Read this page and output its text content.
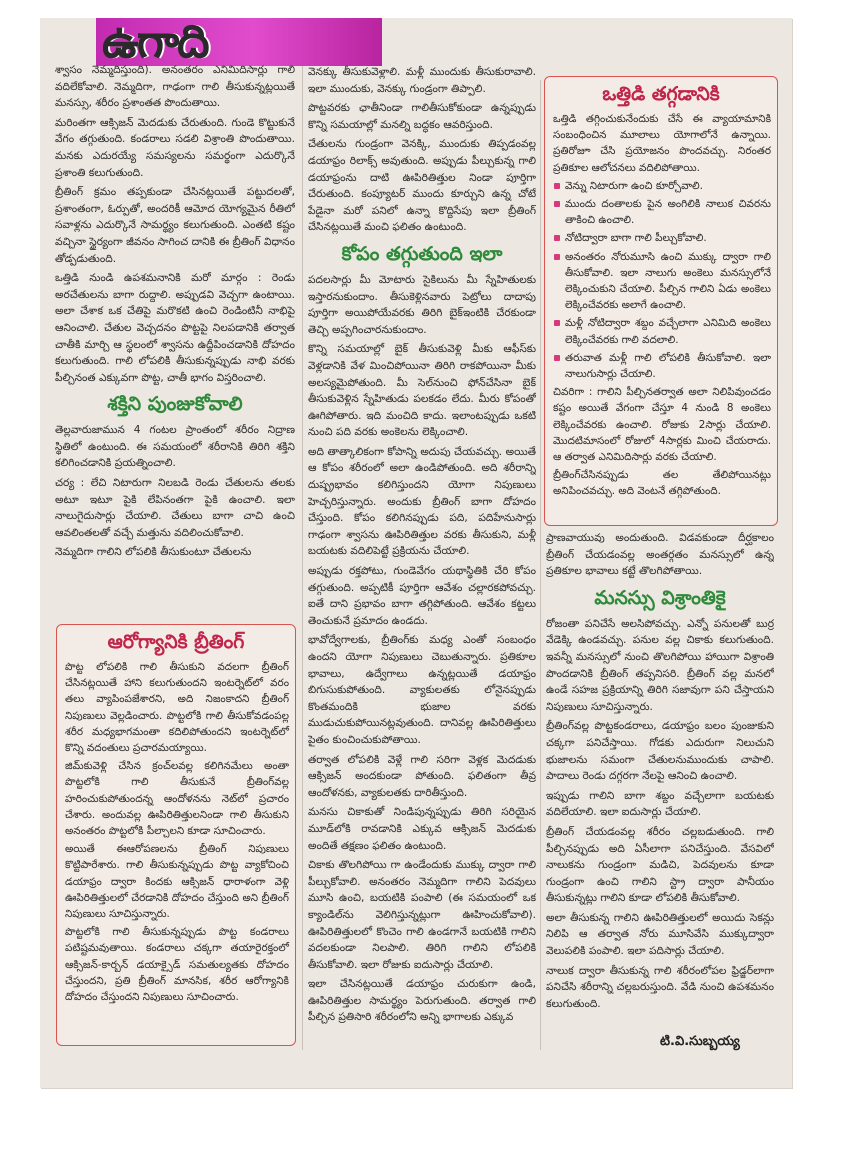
ఉగాది

శ్వాసం నెమ్మదిస్తుంది). అనంతరం ఎనిమిదిసార్లు గాలి వదిలేకోవాలి. నెమ్మదిగా, గాఢంగా గాలి తీసుకున్నట్లయితే మనస్సు, శరీరం ప్రశాంతత పొందుతాయి.

మరింతగా ఆక్సిజన్ మెదడుకు చేరుతుంది. గుండె కొట్టుకునే వేగం తగ్గుతుంది. కండరాలు సడలి విశ్రాంతి పొందుతాయి. మనకు ఎదురయ్యే సమస్యలను సమర్థంగా ఎదుర్కొనే ప్రశాంతి కలుగుతుంది.

బ్రీతింగ్ క్రమం తప్పకుండా చేసినట్లయితే పట్టుదలతో, ప్రశాంతంగా, ఓర్పుతో, అందరికీ ఆమోద యోగ్యమైన రీతిలో సవాళ్లను ఎదుర్కొనే సామర్థ్యం కలుగుతుంది. ఎంతటి కష్టం వచ్చినా స్థైర్యంగా జీవనం సాగించ దానికి ఈ బ్రీతింగ్ విధానం తోడ్పడుతుంది.

ఒత్తిడి నుండి ఉపశమనానికి మరో మార్గం : రెండు అరచేతులను బాగా రుద్దాలి. అప్పుడవి వెచ్చగా ఉంటాయి. అలా చేశాక ఒక చేతిపై మరొకటి ఉంచి రెండింటినీ నాభిపై ఆనించాలి. చేతుల వెచ్చదనం పొట్టపై నిలపడానికి తర్వాత చాతీకి మార్చి ఆ స్థలంలో శ్వాసను ఉద్దీపించడానికి దోహదం కలుగుతుంది. గాలి లోపలికి తీసుకున్నప్పుడు నాభి వరకు పీల్చినంత ఎక్కువగా పొట్ట, చాతీ భాగం విస్తరించాలి.

శక్తిని పుంజుకోవాలి

తెల్లవారుజామున 4 గంటల ప్రాంతంలో శరీరం నిద్రాణ స్థితిలో ఉంటుంది. ఈ సమయంలో శరీరానికి తిరిగి శక్తిని కలిగించడానికి ప్రయత్నించాలి.

చర్య : లేచి నిటారుగా నిలబడి రెండు చేతులను తలకు అటూ ఇటూ పైకి లేపినంతగా పైకి ఉంచాలి. ఇలా నాలుగైదుసార్లు చేయాలి. చేతులు బాగా చాచి ఉంచి ఆవలింతలతో వచ్చే మత్తును వదిలించుకోవాలి.

నెమ్మదిగా గాలిని లోపలికి తీసుకుంటూ చేతులను

ఆరోగ్యానికి బ్రీతింగ్

పొట్ట లోపలికి గాలి తీసుకుని వదలగా బ్రీతింగ్ చేసినట్లయితే హాని కలుగుతుందని ఇంటర్నెట్‌లో వరం తలు వ్యాపింపజేశారని, అది నిజంకాదని బ్రీతింగ్ నిపుణులు వెల్లడించారు. పొట్టలోకి గాలి తీసుకోవడంపల్ల శరీర మధ్యభాగమంతా కదిలిపోతుందని ఇంటర్నెట్‌లో కొన్ని వదంతులు ప్రచారమయ్యాయి.

జిమ్‌కువెళ్లి చేసిన క్రంచ్‌లవల్ల కలిగినమేలు అంతా పొట్టలోకి గాలి తీసుకునే బ్రీతింగ్‌వల్ల హరించుకుపోతుందన్న ఆందోళనను నెట్‌లో ప్రచారం చేశారు. అందువల్ల ఊపిరితిత్తులనిండా గాలి తీసుకుని అనంతరం పొట్టలోకి పీల్చాలని కూడా సూచించారు.

అయితే ఈఆరోపణలను బ్రీతింగ్ నిపుణులు కొట్టిపారేశారు. గాలి తీసుకున్నప్పుడు పొట్ట వ్యాకోచించి డయాఫ్రం ద్వారా కిందకు ఆక్సిజన్ ధారాళంగా వెళ్లి ఊపిరితిత్తులలో చేరడానికి దోహదం చేస్తుంది అని బ్రీతింగ్ నిపుణులు సూచిస్తున్నారు.

పొట్టలోకి గాలి తీసుకున్నప్పుడు పొట్ట కండరాలు పటిష్టమవుతాయి. కండరాలు చక్కగా తయారైరక్తంలో ఆక్సిజన్-కార్బన్ డయాక్సైడ్ సమతుల్యతకు దోహదం చేస్తుందని, ప్రతి బ్రీతింగ్ మానసిక, శరీర ఆరోగ్యానికి దోహదం చేస్తుందని నిపుణులు సూచించారు.

వెనక్కు తీసుకువెళ్లాలి. మళ్లీ ముందుకు తీసుకురావాలి. ఇలా ముందుకు, వెనక్కు గుండ్రంగా తిప్పాలి.

పొట్టవరకు ఛాతీనిండా గాలితీసుకోకుండా ఉన్నప్పుడు కొన్ని సమయాల్లో మనల్ని బద్ధకం ఆవరిస్తుంది.

చేతులను గుండ్రంగా వెనక్కి, ముందుకు తిప్పడంవల్ల డయాఫ్రం రిలాక్స్ అవుతుంది. అప్పుడు పీల్చుకున్న గాలి డయాఫ్రంను దాటి ఊపిరితిత్తుల నిండా పూర్తిగా చేరుతుంది. కంప్యూటర్ ముందు కూర్చుని ఉన్న చోటే పేడైనా మరో పనిలో ఉన్నా కొద్దిసేపు ఇలా బ్రీతింగ్ చేసినట్లయితే మంచి ఫలితం ఉంటుంది.

కోపం తగ్గుతుంది ఇలా

పదలసార్లు మీ మోటారు సైకిలును మీ స్నేహితులకు ఇస్తారనుకుందాం. తీసుకెళ్లినవారు పెట్రోలు దాదాపు పూర్తిగా అయిపోయేవరకు తిరిగి బైక్‌ఇంటికి చేరకుండా తెచ్చి అప్పగించారనుకుందాం.

కొన్ని సమయాల్లో బైక్ తీసుకువెళ్లి మీకు ఆఫీస్‌కు వెళ్లడానికి వేళ మించిపోయినా తిరిగి రాకపోయినా మీకు అలస్యమైపోతుంది. మీ సెల్‌నుంచి ఫోన్‌చేసినా బైక్ తీసుకువెళ్లిన స్నేహితుడు పలకడం లేదు. మీరు కోపంతో ఊగిపోతారు. ఇది మంచిది కాదు. ఇలాంటప్పుడు ఒకటి నుంచి పది వరకు అంకెలను లెక్కించాలి.

అది తాత్కాలికంగా కోపాన్ని అదుపు చేయవచ్చు. అయితే ఆ కోపం శరీరంలో అలా ఉండిపోతుంది. అది శరీరాన్ని దుష్ప్రభావం కలిగిస్తుందని యోగా నిపుణులు హెచ్చరిస్తున్నారు. అందుకు బ్రీతింగ్ బాగా దోహదం చేస్తుంది. కోపం కలిగినప్పుడు పది, పదిహేనుసార్లు గాఢంగా శ్వాసను ఊపిరితిత్తుల వరకు తీసుకుని, మళ్లీ బయటకు వదిలిపెట్టే ప్రక్రియను చేయాలి.

అప్పుడు రక్తపోటు, గుండెవేగం యథాస్థితికి చేరి కోపం తగ్గుతుంది. అప్పటికీ పూర్తిగా ఆవేశం చల్లారకపోవచ్చు. ఐతే దాని ప్రభావం బాగా తగ్గిపోతుంది. ఆవేశం కట్టలు తెంచుకునే ప్రమాదం ఉండదు.

భావోద్వేగాలకు, బ్రీతింగ్‌కు మధ్య ఎంతో సంబంధం ఉందని యోగా నిపుణులు చెబుతున్నారు. ప్రతికూల భావాలు, ఉద్వేగాలు ఉన్నట్లయితే డయాఫ్రం బిగుసుకుపోతుంది. వ్యాకులతకు లోనైనప్పుడు కొంతమందికి భుజాల వరకు ముడుచుకుపోయినట్లవుతుంది. దానివల్ల ఊపిరితిత్తులు పైతం కుంచించుకుపోతాయి.

తర్వాత లోపలికి వెళ్లే గాలి సరిగా వెళ్లక మెదడుకు ఆక్సిజన్ అందకుండా పోతుంది. ఫలితంగా తీవ్ర ఆందోళనకు, వ్యాకులతకు దారితీస్తుంది.

మనసు చికాకుతో నిండిపున్నప్పుడు తిరిగి సరియైన మూడ్‌లోకి రావడానికి ఎక్కువ ఆక్సిజన్ మెదడుకు అందితే తక్షణం ఫలితం ఉంటుంది.

చికాకు తొలగిపోయి గా ఉండేందుకు ముక్కు ద్వారా గాలి పీల్చుకోవాలి. అనంతరం నెమ్మదిగా గాలిని పెదవులు మూసి ఉంచి, బయటికి పంపాలి (ఈ సమయంలో ఒక క్యాండిల్‌ను వెలిగిస్తున్నట్లుగా ఊహించుకోవాలి). ఊపిరితిత్తులలో కొంచెం గాలి ఉండగానే బయటికి గాలిని వదలకుండా నిలపాలి. తిరిగి గాలిని లోపలికి తీసుకోవాలి. ఇలా రోజుకు ఐదుసార్లు చేయాలి.

ఇలా చేసినట్లయితే డయాఫ్రం చురుకుగా ఉండి, ఊపిరితిత్తుల సామర్థ్యం పెరుగుతుంది. తర్వాత గాలి పీల్చిన ప్రతిసారి శరీరంలోని అన్ని భాగాలకు ఎక్కువ

ఒత్తిడి తగ్గడానికి

ఒత్తిడి తగ్గించుకునేందుకు చేసే ఈ వ్యాయామానికి సంబంధించిన మూలాలు యోగాలోనే ఉన్నాయి. ప్రతిరోజూ చేసి ప్రయోజనం పొందవచ్చు. నిరంతర ప్రతికూల ఆలోచనలు వదిలిపోతాయి.

వెన్ను నిటారుగా ఉంచి కూర్చోవాలి.
ముందు దంతాలకు పైన అంగిలికి నాలుక చివరను తాకించి ఉంచాలి.
నోటిద్వారా బాగా గాలి పీల్చుకోవాలి.
అనంతరం నోరుమూసి ఉంచి ముక్కు ద్వారా గాలి తీసుకోవాలి. ఇలా నాలుగు అంకెలు మనస్సులోనే లెక్కించుకుని చేయాలి. పీల్చిన గాలిని ఏడు అంకెలు లెక్కించేవరకు అలాగే ఉంచాలి.
మళ్లీ నోటిద్వారా శబ్దం వచ్చేలాగా ఎనిమిది అంకెలు లెక్కించేవరకు గాలి వదలాలి.
తరువాత మళ్లీ గాలి లోపలికి తీసుకోవాలి. ఇలా నాలుగుసార్లు చేయాలి.

చివరిగా : గాలిని పీల్చినతర్వాత అలా నిలిపివుంచడం కష్టం అయితే వేగంగా చేస్తూ 4 నుండి 8 అంకెలు లెక్కించేవరకు ఉంచాలి. రోజుకు 2సార్లు చేయాలి. మొదటిమాసంలో రోజులో 4సార్లకు మించి చేయరాదు. ఆ తర్వాత ఎనిమిదిసార్లు వరకు చేయాలి.

బ్రీతింగ్‌చేసినప్పుడు తల తేలిపోయినట్లు అనిపించవచ్చు. అది వెంటనే తగ్గిపోతుంది.

ప్రాణవాయువు అందుతుంది. విడవకుండా దీర్ఘకాలం బ్రీతింగ్ చేయడంవల్ల అంతర్గతం మనస్సులో ఉన్న ప్రతికూల భావాలు కట్టే తొలగిపోతాయి.

మనస్సు విశ్రాంతికై

రోజంతా పనిచేసే అలసిపోవచ్చు. ఎన్నో పనులతో బుర్ర వేడెక్కి ఉండవచ్చు. పనుల వల్ల చికాకు కలుగుతుంది. ఇవన్నీ మనస్సులో నుంచి తొలగిపోయి హాయిగా విశ్రాంతి పొందడానికి బ్రీతింగ్ తప్పనిసరి. బ్రీతింగ్ వల్ల మనలో ఉండే సహజ ప్రక్రియాన్ని తిరిగి సజావుగా పని చేస్తాయని నిపుణులు సూచిస్తున్నారు.

బ్రీతింగ్‌వల్ల పొట్టకండరాలు, డయాఫ్రం బలం పుంజుకుని చక్కగా పనిచేస్తాయి. గోడకు ఎదురుగా నిలుచుని భుజాలను సమంగా చేతులనుముందుకు చాపాలి. పాదాలు రెండు దగ్గరగా నేలపై ఆనించి ఉంచాలి.

ఇప్పుడు గాలిని బాగా శబ్దం వచ్చేలాగా బయటకు వదిలేయాలి. ఇలా ఐదుసార్లు చేయాలి.

బ్రీతింగ్ చేయడంవల్ల శరీరం చల్లబడుతుంది. గాలి పీల్చినప్పుడు అది ఏసీలాగా పనిచేస్తుంది. వేసవిలో నాలుకను గుండ్రంగా మడిచి, పెదవులను కూడా గుండ్రంగా ఉంచి గాలిని స్ట్రా ద్వారా పానీయం తీసుకున్నట్లు గాలిని కూడా లోపలికి తీసుకోవాలి.

అలా తీసుకున్న గాలిని ఊపిరితిత్తులలో అయిదు సెకన్లు నిలిపి ఆ తర్వాత నోరు మూసివేసి ముక్కుద్వారా వెలుపలికి పంపాలి. ఇలా పదిసార్లు చేయాలి.

నాలుక ద్వారా తీసుకున్న గాలి శరీరంలోపల ఫ్రిడ్జర్‌లాగా పనిచేసి శరీరాన్ని చల్లబరుస్తుంది. వేడి నుంచి ఉపశమనం కలుగుతుంది.

టి.వి.సుబ్బయ్య
